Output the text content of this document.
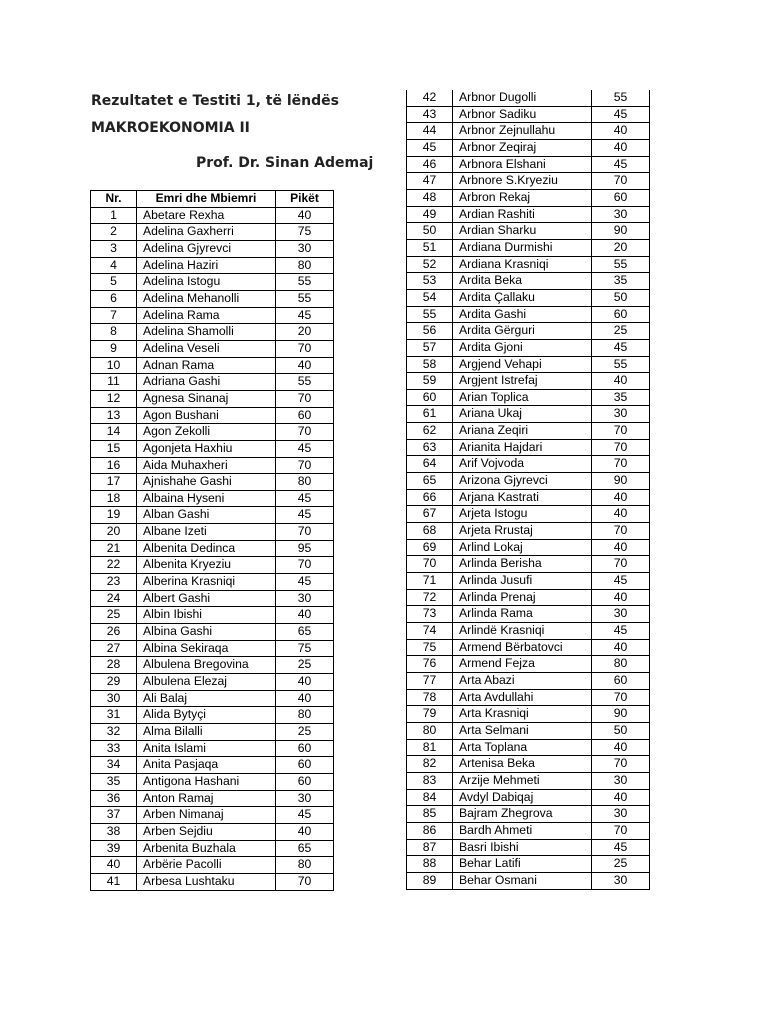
Rezultatet e Testiti 1, të lëndës
MAKROEKONOMIA II
Prof. Dr. Sinan Ademaj
Nr.	Emri dhe Mbiemri	Pikët
1	Abetare Rexha	40
2	Adelina Gaxherri	75
3	Adelina Gjyrevci	30
4	Adelina Haziri	80
5	Adelina Istogu	55
6	Adelina Mehanolli	55
7	Adelina Rama	45
8	Adelina Shamolli	20
9	Adelina Veseli	70
10	Adnan Rama	40
11	Adriana Gashi	55
12	Agnesa Sinanaj	70
13	Agon Bushani	60
14	Agon Zekolli	70
15	Agonjeta Haxhiu	45
16	Aida Muhaxheri	70
17	Ajnishahe Gashi	80
18	Albaina Hyseni	45
19	Alban Gashi	45
20	Albane Izeti	70
21	Albenita Dedinca	95
22	Albenita Kryeziu	70
23	Alberina Krasniqi	45
24	Albert Gashi	30
25	Albin Ibishi	40
26	Albina Gashi	65
27	Albina Sekiraqa	75
28	Albulena Bregovina	25
29	Albulena Elezaj	40
30	Ali Balaj	40
31	Alida Bytyçi	80
32	Alma Bilalli	25
33	Anita Islami	60
34	Anita Pasjaqa	60
35	Antigona Hashani	60
36	Anton Ramaj	30
37	Arben Nimanaj	45
38	Arben Sejdiu	40
39	Arbenita Buzhala	65
40	Arbërie Pacolli	80
41	Arbesa Lushtaku	70
42	Arbnor Dugolli	55
43	Arbnor Sadiku	45
44	Arbnor Zejnullahu	40
45	Arbnor Zeqiraj	40
46	Arbnora Elshani	45
47	Arbnore S.Kryeziu	70
48	Arbron Rekaj	60
49	Ardian Rashiti	30
50	Ardian Sharku	90
51	Ardiana Durmishi	20
52	Ardiana Krasniqi	55
53	Ardita Beka	35
54	Ardita Çallaku	50
55	Ardita Gashi	60
56	Ardita Gërguri	25
57	Ardita Gjoni	45
58	Argjend Vehapi	55
59	Argjent Istrefaj	40
60	Arian Toplica	35
61	Ariana Ukaj	30
62	Ariana Zeqiri	70
63	Arianita Hajdari	70
64	Arif Vojvoda	70
65	Arizona Gjyrevci	90
66	Arjana Kastrati	40
67	Arjeta Istogu	40
68	Arjeta Rrustaj	70
69	Arlind Lokaj	40
70	Arlinda Berisha	70
71	Arlinda Jusufi	45
72	Arlinda Prenaj	40
73	Arlinda Rama	30
74	Arlindë Krasniqi	45
75	Armend Bërbatovci	40
76	Armend Fejza	80
77	Arta Abazi	60
78	Arta Avdullahi	70
79	Arta Krasniqi	90
80	Arta Selmani	50
81	Arta Toplana	40
82	Artenisa Beka	70
83	Arzije Mehmeti	30
84	Avdyl Dabiqaj	40
85	Bajram Zhegrova	30
86	Bardh Ahmeti	70
87	Basri Ibishi	45
88	Behar Latifi	25
89	Behar Osmani	30
